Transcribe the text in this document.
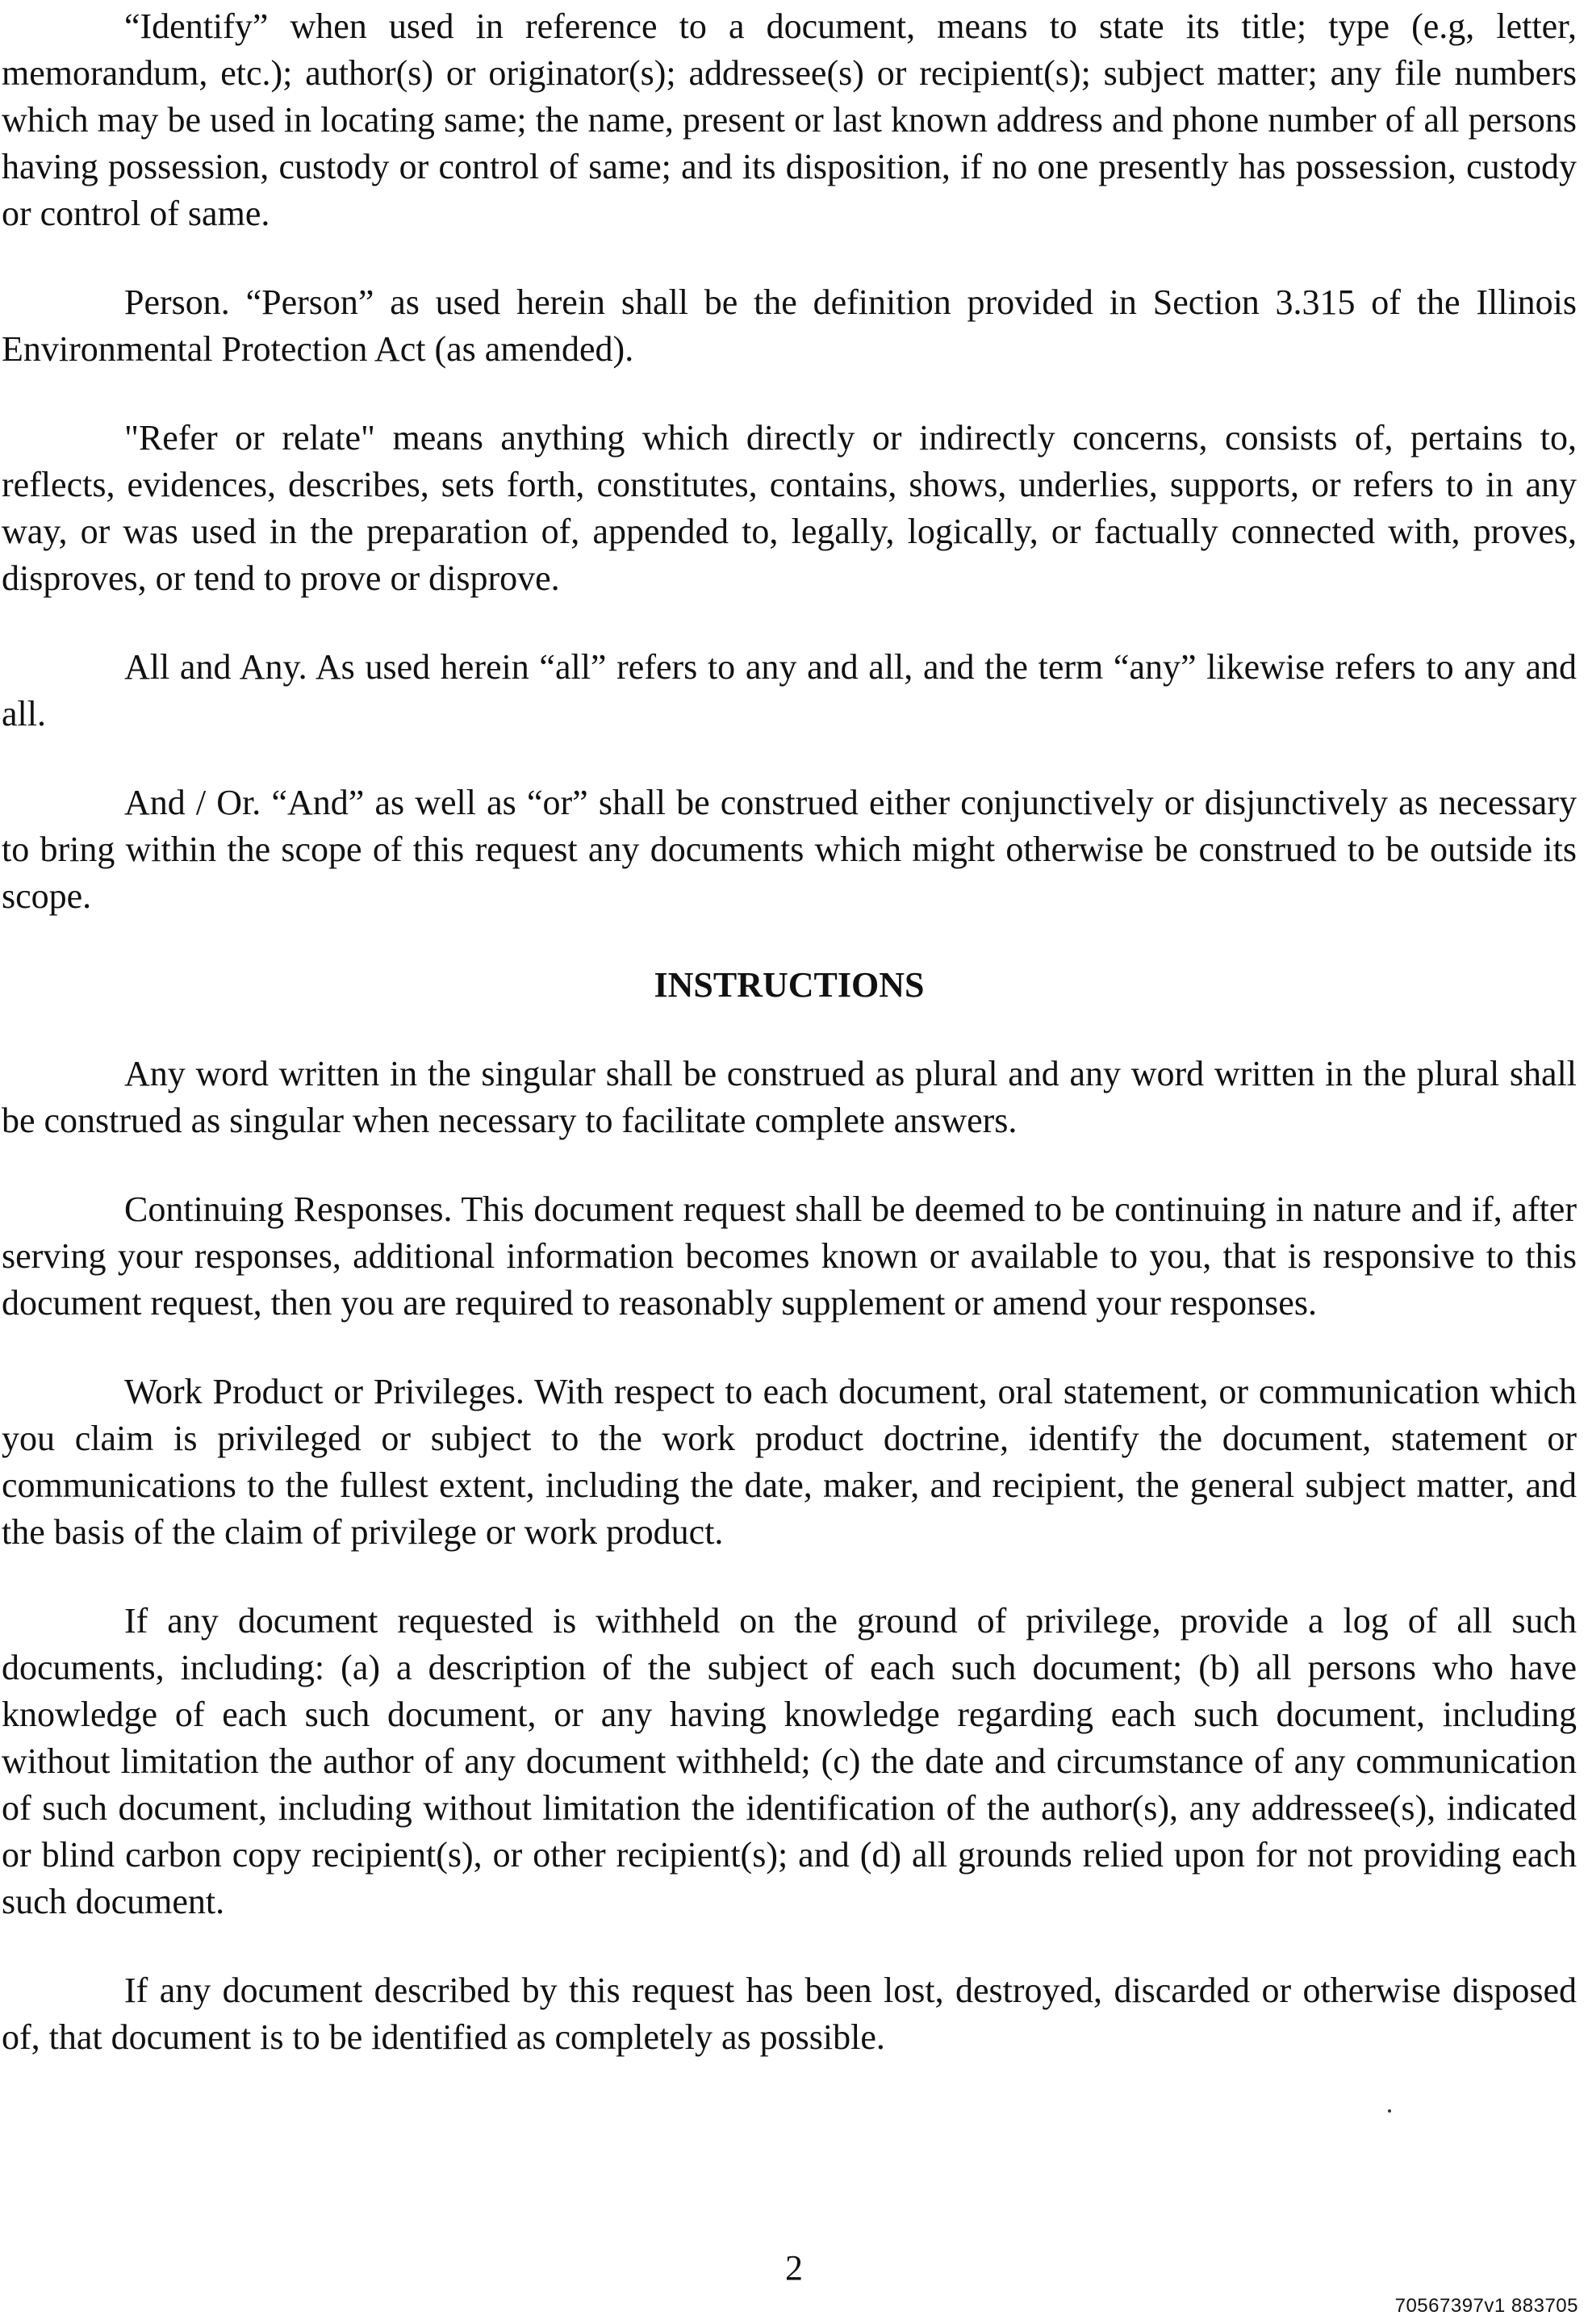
“Identify” when used in reference to a document, means to state its title; type (e.g, letter, memorandum, etc.); author(s) or originator(s); addressee(s) or recipient(s); subject matter; any file numbers which may be used in locating same; the name, present or last known address and phone number of all persons having possession, custody or control of same; and its disposition, if no one presently has possession, custody or control of same.

Person. “Person” as used herein shall be the definition provided in Section 3.315 of the Illinois Environmental Protection Act (as amended).

"Refer or relate" means anything which directly or indirectly concerns, consists of, pertains to, reflects, evidences, describes, sets forth, constitutes, contains, shows, underlies, supports, or refers to in any way, or was used in the preparation of, appended to, legally, logically, or factually connected with, proves, disproves, or tend to prove or disprove.

All and Any. As used herein “all” refers to any and all, and the term “any” likewise refers to any and all.

And / Or. “And” as well as “or” shall be construed either conjunctively or disjunctively as necessary to bring within the scope of this request any documents which might otherwise be construed to be outside its scope.

INSTRUCTIONS

Any word written in the singular shall be construed as plural and any word written in the plural shall be construed as singular when necessary to facilitate complete answers.

Continuing Responses. This document request shall be deemed to be continuing in nature and if, after serving your responses, additional information becomes known or available to you, that is responsive to this document request, then you are required to reasonably supplement or amend your responses.

Work Product or Privileges. With respect to each document, oral statement, or communication which you claim is privileged or subject to the work product doctrine, identify the document, statement or communications to the fullest extent, including the date, maker, and recipient, the general subject matter, and the basis of the claim of privilege or work product.

If any document requested is withheld on the ground of privilege, provide a log of all such documents, including: (a) a description of the subject of each such document; (b) all persons who have knowledge of each such document, or any having knowledge regarding each such document, including without limitation the author of any document withheld; (c) the date and circumstance of any communication of such document, including without limitation the identification of the author(s), any addressee(s), indicated or blind carbon copy recipient(s), or other recipient(s); and (d) all grounds relied upon for not providing each such document.

If any document described by this request has been lost, destroyed, discarded or otherwise disposed of, that document is to be identified as completely as possible.

2
70567397v1 883705
